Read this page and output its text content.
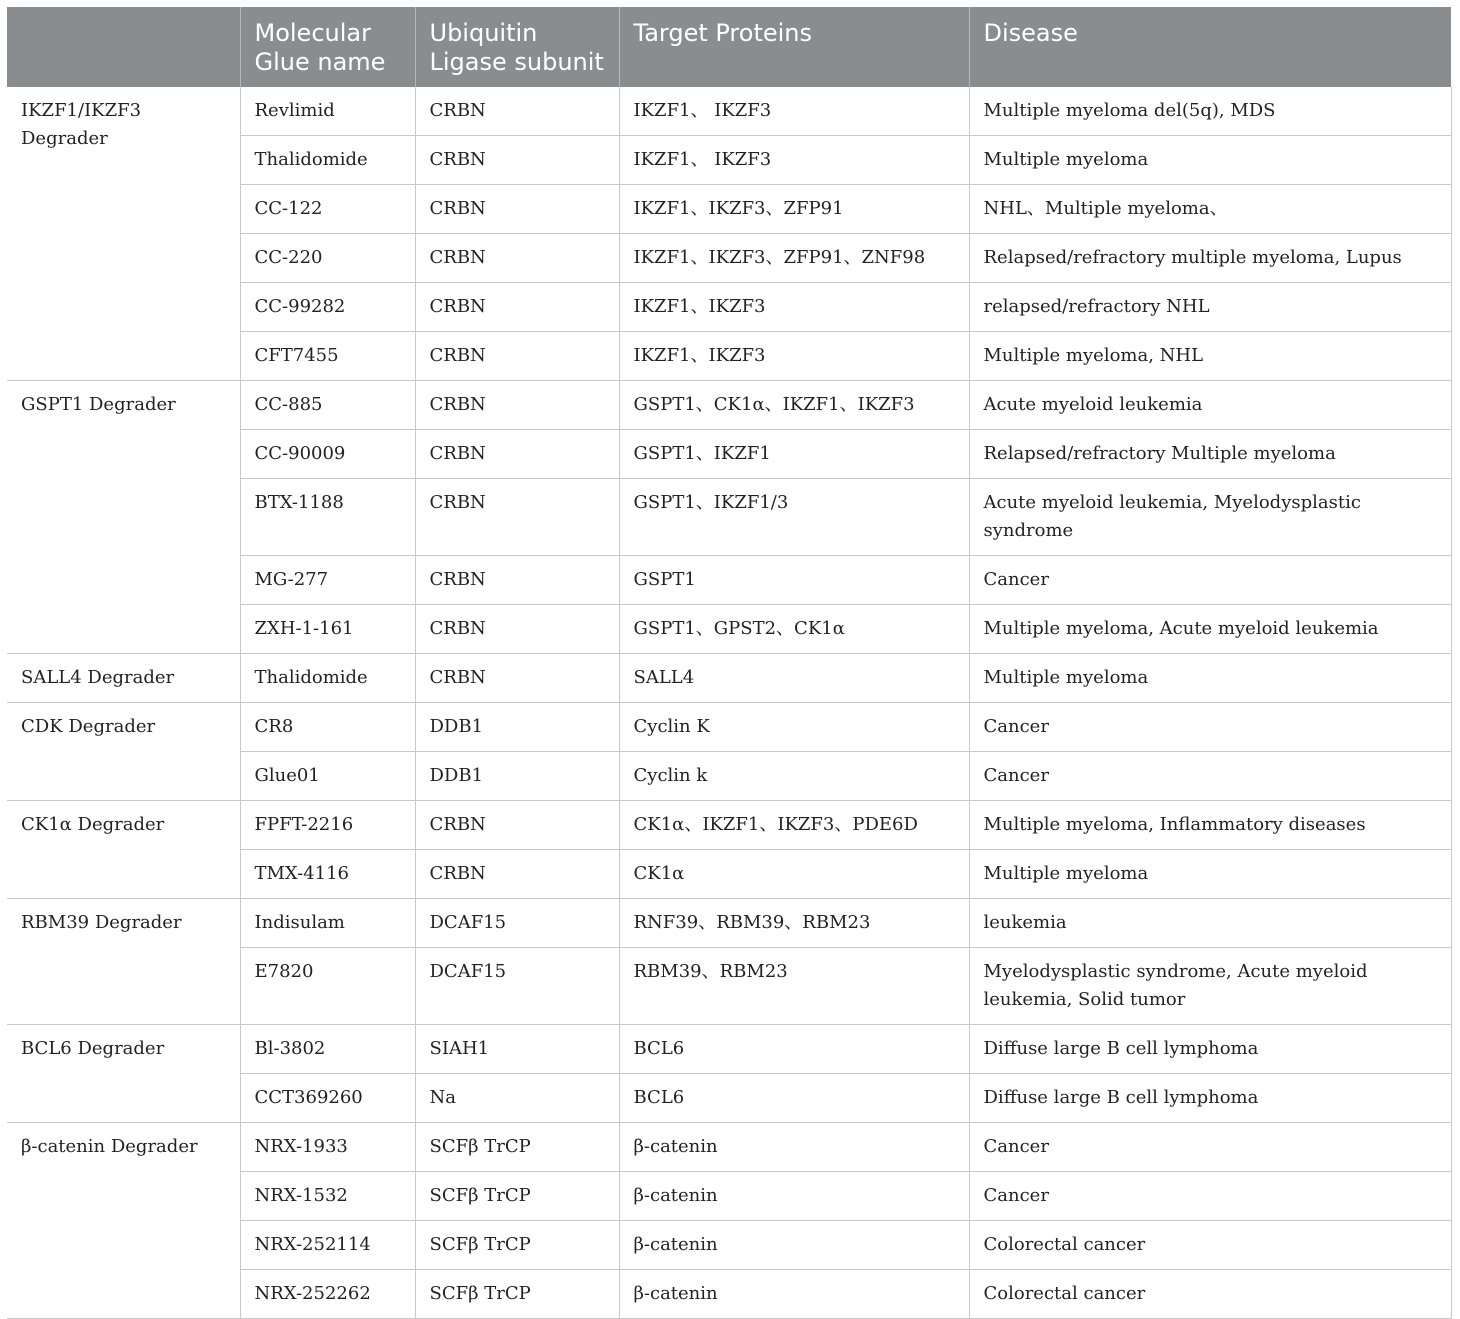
	Molecular Glue name	Ubiquitin Ligase subunit	Target Proteins	Disease
IKZF1/IKZF3 Degrader	Revlimid	CRBN	IKZF1、 IKZF3	Multiple myeloma del(5q), MDS
	Thalidomide	CRBN	IKZF1、 IKZF3	Multiple myeloma
	CC-122	CRBN	IKZF1、IKZF3、ZFP91	NHL、Multiple myeloma、
	CC-220	CRBN	IKZF1、IKZF3、ZFP91、ZNF98	Relapsed/refractory multiple myeloma, Lupus
	CC-99282	CRBN	IKZF1、IKZF3	relapsed/refractory NHL
	CFT7455	CRBN	IKZF1、IKZF3	Multiple myeloma, NHL
GSPT1 Degrader	CC-885	CRBN	GSPT1、CK1α、IKZF1、IKZF3	Acute myeloid leukemia
	CC-90009	CRBN	GSPT1、IKZF1	Relapsed/refractory Multiple myeloma
	BTX-1188	CRBN	GSPT1、IKZF1/3	Acute myeloid leukemia, Myelodysplastic syndrome
	MG-277	CRBN	GSPT1	Cancer
	ZXH-1-161	CRBN	GSPT1、GPST2、CK1α	Multiple myeloma, Acute myeloid leukemia
SALL4 Degrader	Thalidomide	CRBN	SALL4	Multiple myeloma
CDK Degrader	CR8	DDB1	Cyclin K	Cancer
	Glue01	DDB1	Cyclin k	Cancer
CK1α Degrader	FPFT-2216	CRBN	CK1α、IKZF1、IKZF3、PDE6D	Multiple myeloma, Inflammatory diseases
	TMX-4116	CRBN	CK1α	Multiple myeloma
RBM39 Degrader	Indisulam	DCAF15	RNF39、RBM39、RBM23	leukemia
	E7820	DCAF15	RBM39、RBM23	Myelodysplastic syndrome, Acute myeloid leukemia, Solid tumor
BCL6 Degrader	Bl-3802	SIAH1	BCL6	Diffuse large B cell lymphoma
	CCT369260	Na	BCL6	Diffuse large B cell lymphoma
β-catenin Degrader	NRX-1933	SCFβ TrCP	β-catenin	Cancer
	NRX-1532	SCFβ TrCP	β-catenin	Cancer
	NRX-252114	SCFβ TrCP	β-catenin	Colorectal cancer
	NRX-252262	SCFβ TrCP	β-catenin	Colorectal cancer
